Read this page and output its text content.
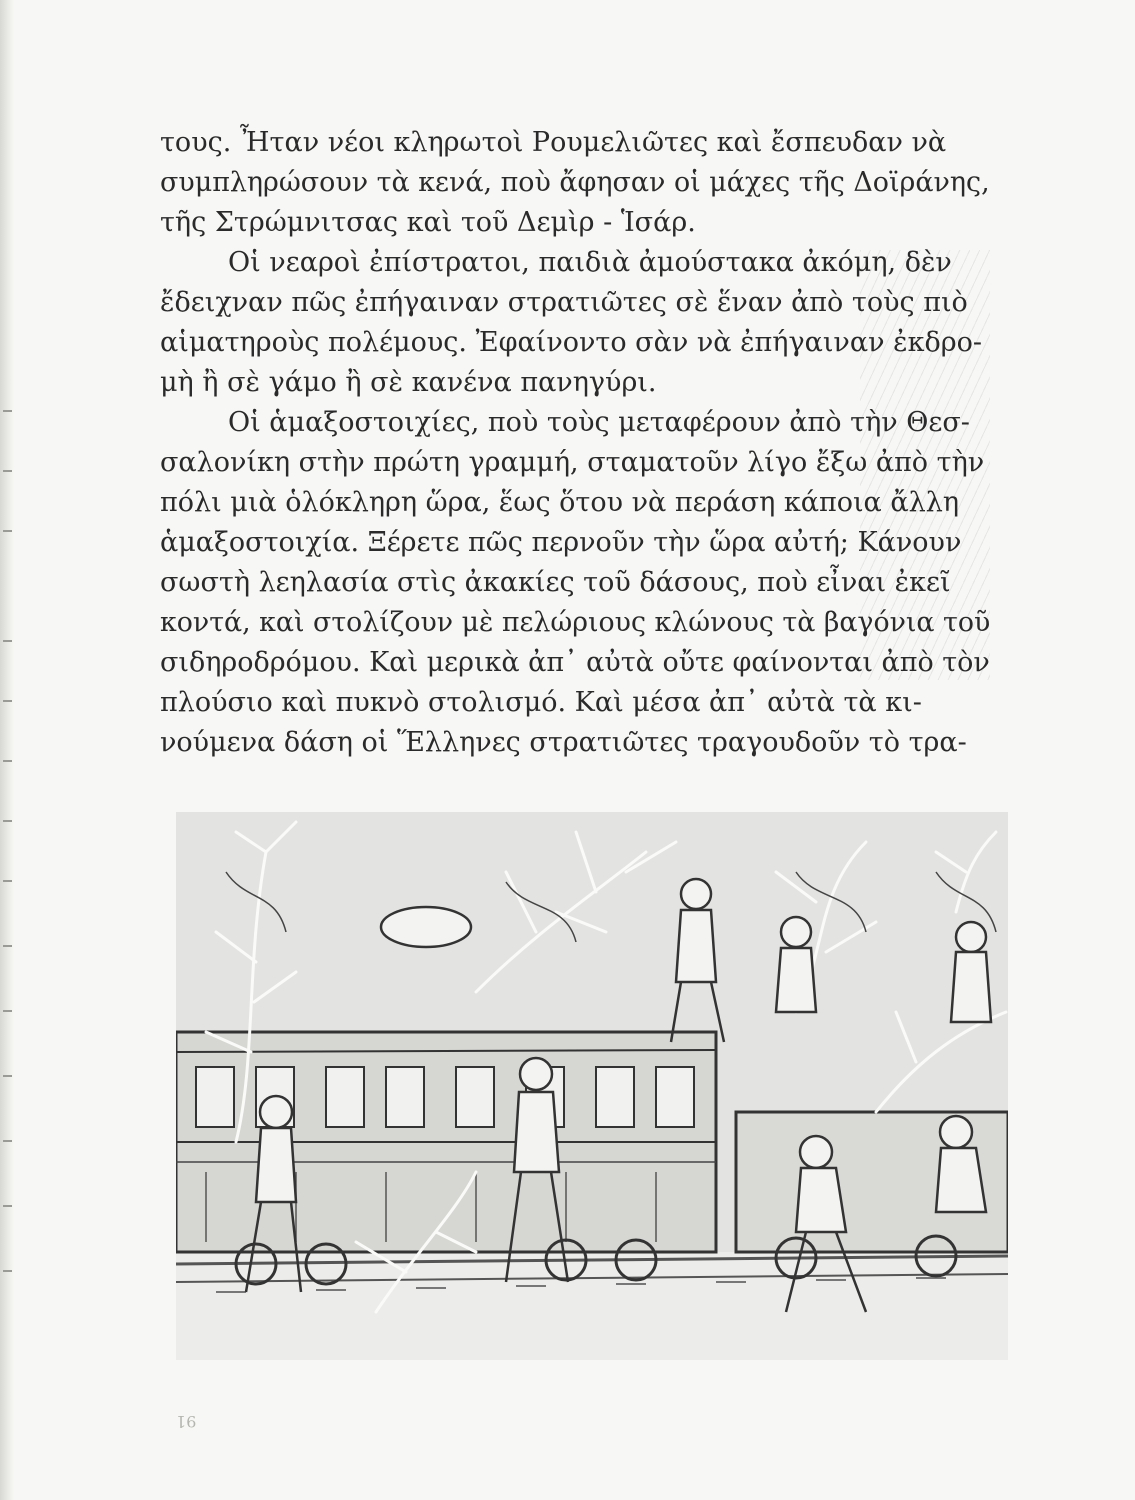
τους. Ἦταν νέοι κληρωτοὶ Ρουμελιῶτες καὶ ἔσπευδαν νὰ
συμπληρώσουν τὰ κενά, ποὺ ἄφησαν οἱ μάχες τῆς Δοϊράνης,
τῆς Στρώμνιτσας καὶ τοῦ Δεμὶρ - Ἱσάρ.
Οἱ νεαροὶ ἐπίστρατοι, παιδιὰ ἀμούστακα ἀκόμη, δὲν
ἔδειχναν πῶς ἐπήγαιναν στρατιῶτες σὲ ἕναν ἀπὸ τοὺς πιὸ
αἱματηροὺς πολέμους. Ἐφαίνοντο σὰν νὰ ἐπήγαιναν ἐκδρο-
μὴ ἢ σὲ γάμο ἢ σὲ κανένα πανηγύρι.
Οἱ ἁμαξοστοιχίες, ποὺ τοὺς μεταφέρουν ἀπὸ τὴν Θεσ-
σαλονίκη στὴν πρώτη γραμμή, σταματοῦν λίγο ἔξω ἀπὸ τὴν
πόλι μιὰ ὁλόκληρη ὥρα, ἕως ὅτου νὰ περάση κάποια ἄλλη
ἁμαξοστοιχία. Ξέρετε πῶς περνοῦν τὴν ὥρα αὐτή; Κάνουν
σωστὴ λεηλασία στὶς ἀκακίες τοῦ δάσους, ποὺ εἶναι ἐκεῖ
κοντά, καὶ στολίζουν μὲ πελώριους κλώνους τὰ βαγόνια τοῦ
σιδηροδρόμου. Καὶ μερικὰ ἀπ᾽ αὐτὰ οὔτε φαίνονται ἀπὸ τὸν
πλούσιο καὶ πυκνὸ στολισμό. Καὶ μέσα ἀπ᾽ αὐτὰ τὰ κι-
νούμενα δάση οἱ Ἕλληνες στρατιῶτες τραγουδοῦν τὸ τρα-
91
